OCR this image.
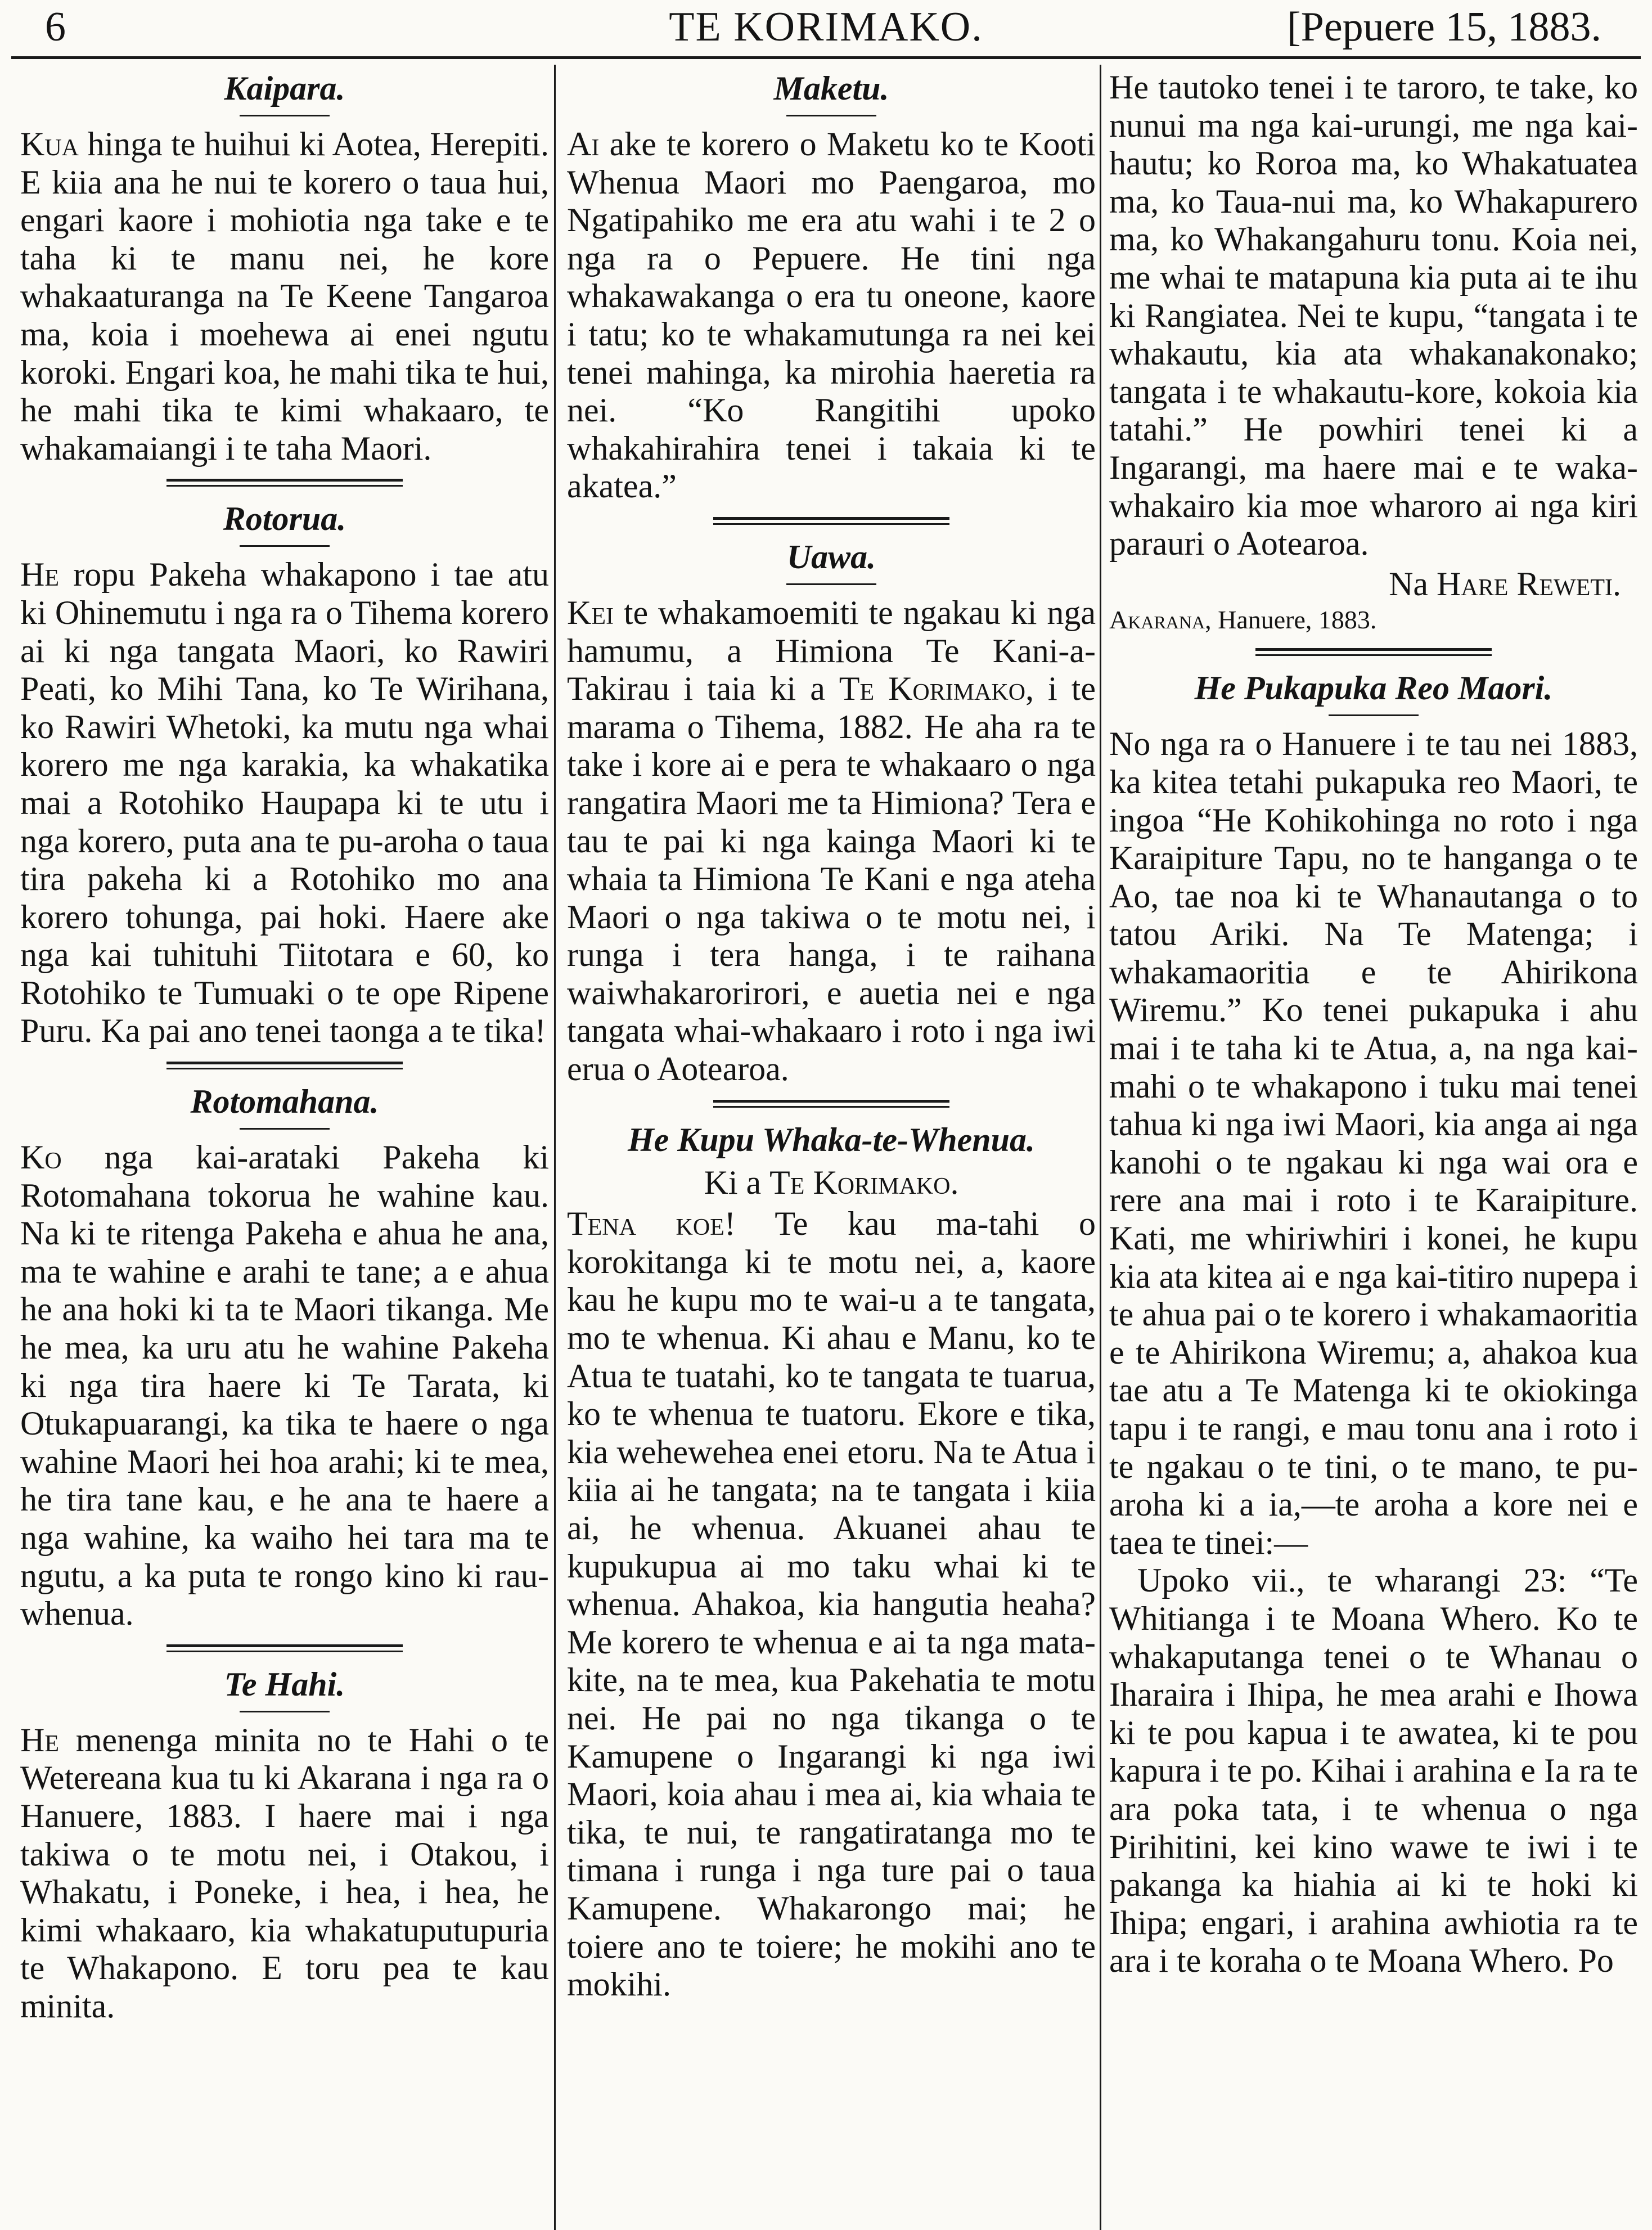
6	TE KORIMAKO.	[Pepuere 15, 1883.
Kaipara.

Kua hinga te huihui ki Aotea, Herepiti. E kiia ana he nui te korero o taua hui, engari kaore i mohiotia nga take e te taha ki te manu nei, he kore whakaaturanga na Te Keene Tangaroa ma, koia i moehewa ai enei ngutu koroki. Engari koa, he mahi tika te hui, he mahi tika te kimi whakaaro, te whakamaiangi i te taha Maori.

Rotorua.

He ropu Pakeha whakapono i tae atu ki Ohinemutu i nga ra o Tihema korero ai ki nga tangata Maori, ko Rawiri Peati, ko Mihi Tana, ko Te Wirihana, ko Rawiri Whetoki, ka mutu nga whai korero me nga karakia, ka whakatika mai a Rotohiko Haupapa ki te utu i nga korero, puta ana te pu-aroha o taua tira pakeha ki a Rotohiko mo ana korero tohunga, pai hoki. Haere ake nga kai tuhituhi Tiitotara e 60, ko Rotohiko te Tumuaki o te ope Ripene Puru. Ka pai ano tenei taonga a te tika!

Rotomahana.

Ko nga kai-arataki Pakeha ki Rotomahana tokorua he wahine kau. Na ki te ritenga Pakeha e ahua he ana, ma te wahine e arahi te tane; a e ahua he ana hoki ki ta te Maori tikanga. Me he mea, ka uru atu he wahine Pakeha ki nga tira haere ki Te Tarata, ki Otukapuarangi, ka tika te haere o nga wahine Maori hei hoa arahi; ki te mea, he tira tane kau, e he ana te haere a nga wahine, ka waiho hei tara ma te ngutu, a ka puta te rongo kino ki rau-whenua.

Te Hahi.

He menenga minita no te Hahi o te Wetereana kua tu ki Akarana i nga ra o Hanuere, 1883. I haere mai i nga takiwa o te motu nei, i Otakou, i Whakatu, i Poneke, i hea, i hea, he kimi whakaaro, kia whakatuputupuria te Whakapono. E toru pea te kau minita.

Maketu.

Ai ake te korero o Maketu ko te Kooti Whenua Maori mo Paengaroa, mo Ngatipahiko me era atu wahi i te 2 o nga ra o Pepuere. He tini nga whakawakanga o era tu oneone, kaore i tatu; ko te whakamutunga ra nei kei tenei mahinga, ka mirohia haeretia ra nei. “Ko Rangitihi upoko whakahirahira tenei i takaia ki te akatea.”

Uawa.

Kei te whakamoemiti te ngakau ki nga hamumu, a Himiona Te Kani-a-Takirau i taia ki a Te Korimako, i te marama o Tihema, 1882. He aha ra te take i kore ai e pera te whakaaro o nga rangatira Maori me ta Himiona? Tera e tau te pai ki nga kainga Maori ki te whaia ta Himiona Te Kani e nga ateha Maori o nga takiwa o te motu nei, i runga i tera hanga, i te raihana waiwhakarorirori, e auetia nei e nga tangata whai-whakaaro i roto i nga iwi erua o Aotearoa.

He Kupu Whaka-te-Whenua.

Ki a Te Korimako.

Tena koe! Te kau ma-tahi o korokitanga ki te motu nei, a, kaore kau he kupu mo te wai-u a te tangata, mo te whenua. Ki ahau e Manu, ko te Atua te tuatahi, ko te tangata te tuarua, ko te whenua te tuatoru. Ekore e tika, kia wehewehea enei etoru. Na te Atua i kiia ai he tangata; na te tangata i kiia ai, he whenua. Akuanei ahau te kupukupua ai mo taku whai ki te whenua. Ahakoa, kia hangutia heaha? Me korero te whenua e ai ta nga mata-kite, na te mea, kua Pakehatia te motu nei. He pai no nga tikanga o te Kamupene o Ingarangi ki nga iwi Maori, koia ahau i mea ai, kia whaia te tika, te nui, te rangatiratanga mo te timana i runga i nga ture pai o taua Kamupene. Whakarongo mai; he toiere ano te toiere; he mokihi ano te mokihi.

He tautoko tenei i te tarоro, te take, ko nunui ma nga kai-urungi, me nga kai-hautu; ko Roroa ma, ko Whakatuatea ma, ko Taua-nui ma, ko Whakapurero ma, ko Whakangahuru tonu. Koia nei, me whai te matapuna kia puta ai te ihu ki Rangiatea. Nei te kupu, “tangata i te whakautu, kia ata whakanakonako; tangata i te whakautu-kore, kokoia kia tatahi.” He powhiri tenei ki a Ingarangi, ma haere mai e te waka-whakairo kia moe wharoro ai nga kiri parauri o Aotearoa.

Na Hare Reweti.

Akarana, Hanuere, 1883.

He Pukapuka Reo Maori.

No nga ra o Hanuere i te tau nei 1883, ka kitea tetahi pukapuka reo Maori, te ingoa “He Kohikohinga no roto i nga Karaipiture Tapu, no te hanganga o te Ao, tae noa ki te Whanautanga o to tatou Ariki. Na Te Matenga; i whakamaoritia e te Ahirikona Wiremu.” Ko tenei pukapuka i ahu mai i te taha ki te Atua, a, na nga kai-mahi o te whakapono i tuku mai tenei tahua ki nga iwi Maori, kia anga ai nga kanohi o te ngakau ki nga wai ora e rere ana mai i roto i te Karaipiture. Kati, me whiriwhiri i konei, he kupu kia ata kitea ai e nga kai-titiro nupepa i te ahua pai o te korero i whakamaoritia e te Ahirikona Wiremu; a, ahakoa kua tae atu a Te Matenga ki te okiokinga tapu i te rangi, e mau tonu ana i roto i te ngakau o te tini, o te mano, te pu-aroha ki a ia,—te aroha a kore nei e taea te tinei:—

Upoko vii., te wharangi 23: “Te Whitianga i te Moana Whero. Ko te whakaputanga tenei o te Whanau o Iharaira i Ihipa, he mea arahi e Ihowa ki te pou kapua i te awatea, ki te pou kapura i te po. Kihai i arahina e Ia ra te ara poka tata, i te whenua o nga Pirihitini, kei kino wawe te iwi i te pakanga ka hiahia ai ki te hoki ki Ihipa; engari, i arahina awhiotia ra te ara i te koraha o te Moana Whero. Po
